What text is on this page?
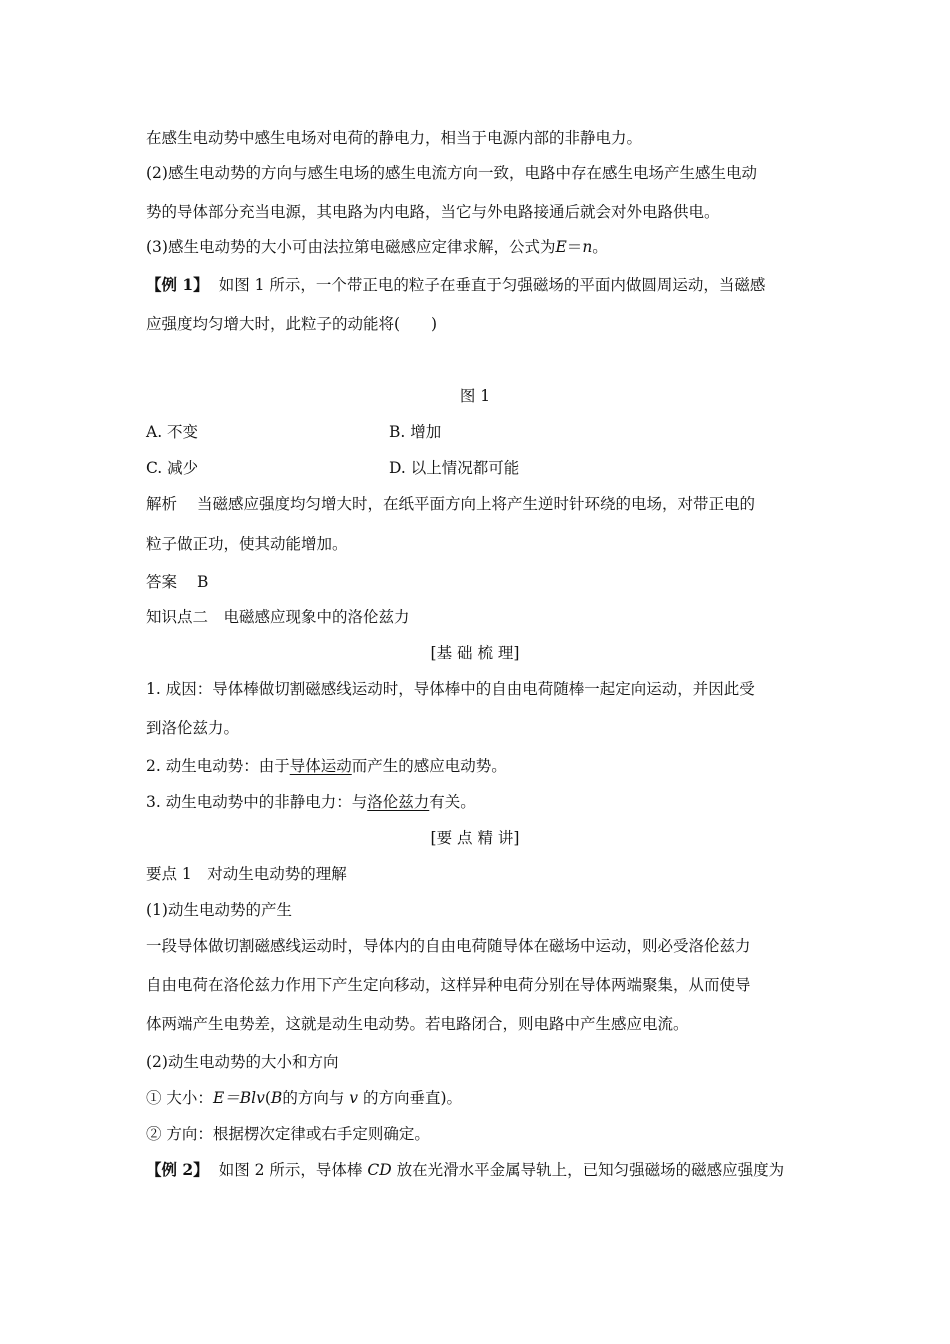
在感生电动势中感生电场对电荷的静电力，相当于电源内部的非静电力。
(2)感生电动势的方向与感生电场的感生电流方向一致，电路中存在感生电场产生感生电动
势的导体部分充当电源，其电路为内电路，当它与外电路接通后就会对外电路供电。
(3)感生电动势的大小可由法拉第电磁感应定律求解，公式为E＝n。
【例 1】 如图 1 所示，一个带正电的粒子在垂直于匀强磁场的平面内做圆周运动，当磁感
应强度均匀增大时，此粒子的动能将(　　)
图 1
A. 不变	B. 增加
C. 减少	D. 以上情况都可能
解析 当磁感应强度均匀增大时，在纸平面方向上将产生逆时针环绕的电场，对带正电的
粒子做正功，使其动能增加。
答案 B
知识点二　电磁感应现象中的洛伦兹力
[基 础 梳 理]
1. 成因：导体棒做切割磁感线运动时，导体棒中的自由电荷随棒一起定向运动，并因此受
到洛伦兹力。
2. 动生电动势：由于导体运动而产生的感应电动势。
3. 动生电动势中的非静电力：与洛伦兹力有关。
[要 点 精 讲]
要点 1　对动生电动势的理解
(1)动生电动势的产生
一段导体做切割磁感线运动时，导体内的自由电荷随导体在磁场中运动，则必受洛伦兹力
自由电荷在洛伦兹力作用下产生定向移动，这样异种电荷分别在导体两端聚集，从而使导
体两端产生电势差，这就是动生电动势。若电路闭合，则电路中产生感应电流。
(2)动生电动势的大小和方向
① 大小：E＝Blv(B的方向与 v 的方向垂直)。
② 方向：根据楞次定律或右手定则确定。
【例 2】 如图 2 所示，导体棒 CD 放在光滑水平金属导轨上，已知匀强磁场的磁感应强度为
